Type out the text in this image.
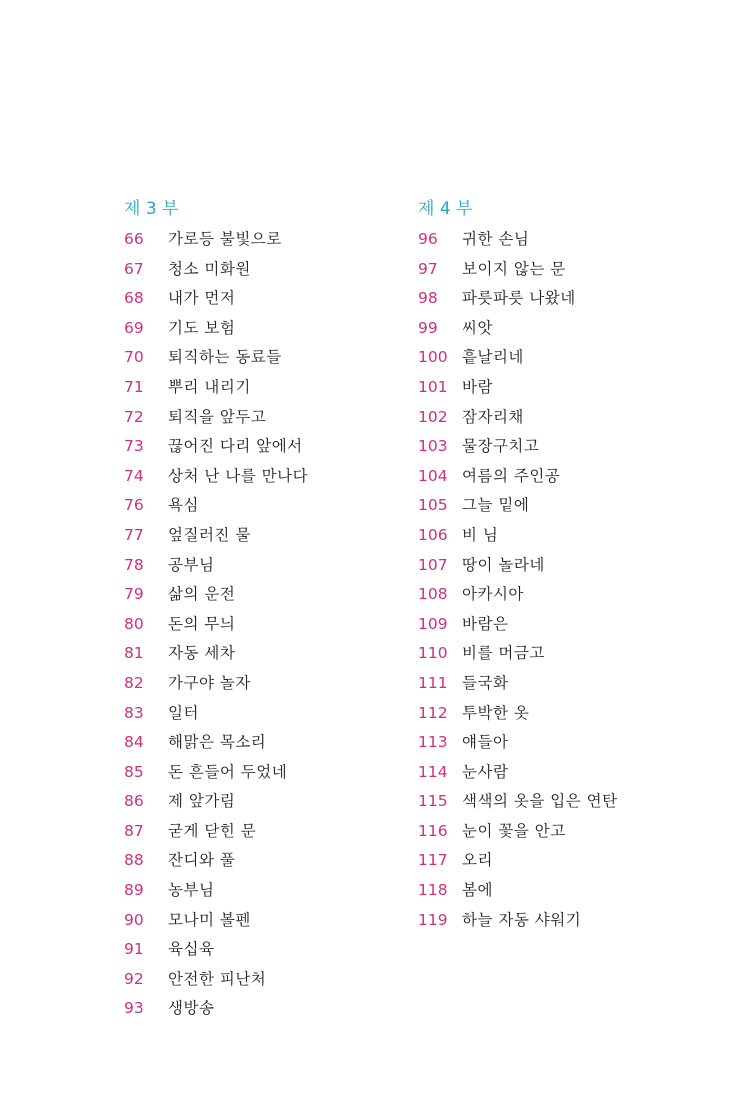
제 3 부
66 가로등 불빛으로
67 청소 미화원
68 내가 먼저
69 기도 보험
70 퇴직하는 동료들
71 뿌리 내리기
72 퇴직을 앞두고
73 끊어진 다리 앞에서
74 상처 난 나를 만나다
76 욕심
77 엎질러진 물
78 공부님
79 삶의 운전
80 돈의 무늬
81 자동 세차
82 가구야 놀자
83 일터
84 해맑은 목소리
85 돈 흔들어 두었네
86 제 앞가림
87 굳게 닫힌 문
88 잔디와 풀
89 농부님
90 모나미 볼펜
91 육십육
92 안전한 피난처
93 생방송
제 4 부
96 귀한 손님
97 보이지 않는 문
98 파릇파릇 나왔네
99 씨앗
100 흩날리네
101 바람
102 잠자리채
103 물장구치고
104 여름의 주인공
105 그늘 밑에
106 비 님
107 땅이 놀라네
108 아카시아
109 바람은
110 비를 머금고
111 들국화
112 투박한 옷
113 얘들아
114 눈사람
115 색색의 옷을 입은 연탄
116 눈이 꽃을 안고
117 오리
118 봄에
119 하늘 자동 샤워기
